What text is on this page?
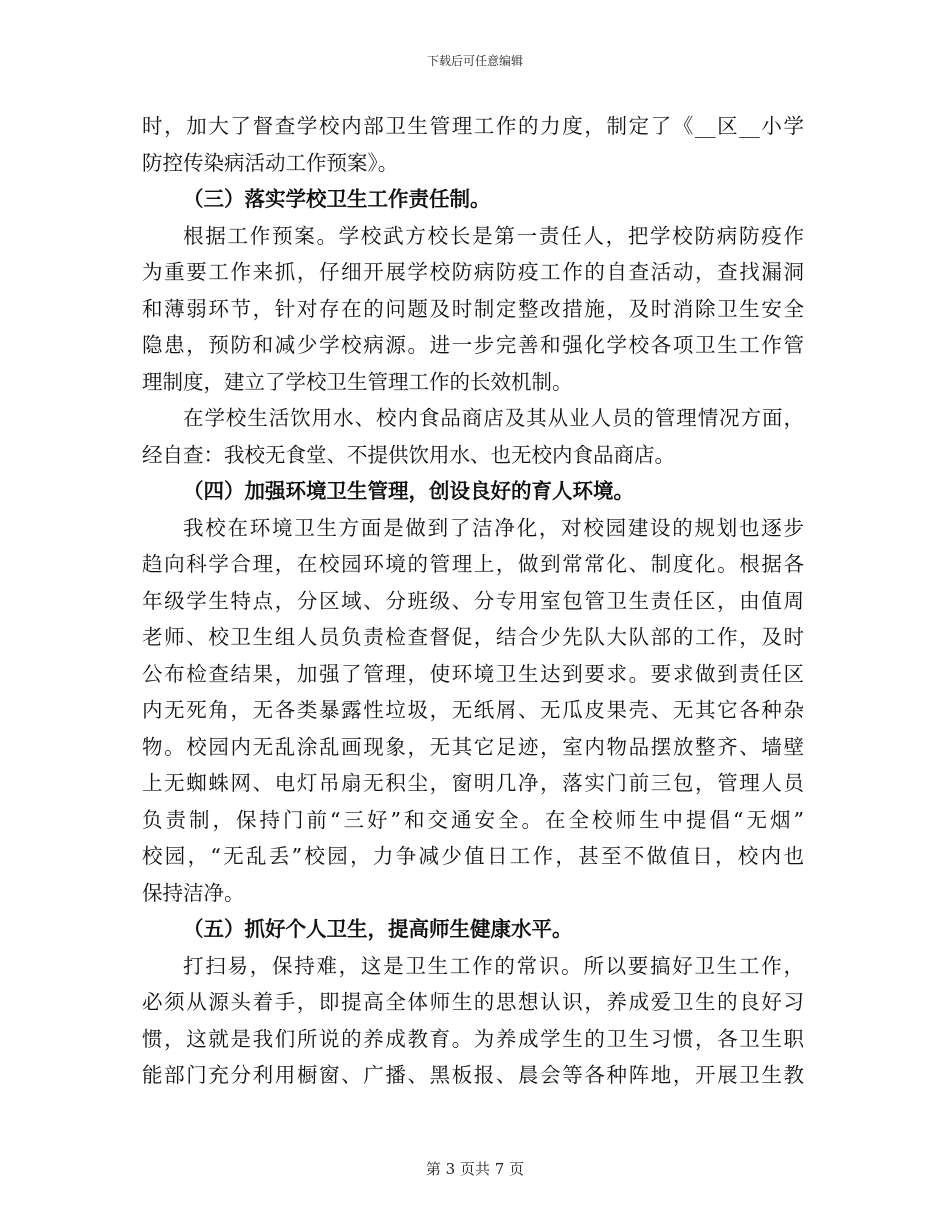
下载后可任意编辑
时，加大了督查学校内部卫生管理工作的力度，制定了《__区__小学
防控传染病活动工作预案》。
（三）落实学校卫生工作责任制。
根据工作预案。学校武方校长是第一责任人，把学校防病防疫作
为重要工作来抓，仔细开展学校防病防疫工作的自查活动，查找漏洞
和薄弱环节，针对存在的问题及时制定整改措施，及时消除卫生安全
隐患，预防和减少学校病源。进一步完善和强化学校各项卫生工作管
理制度，建立了学校卫生管理工作的长效机制。
在学校生活饮用水、校内食品商店及其从业人员的管理情况方面，
经自查：我校无食堂、不提供饮用水、也无校内食品商店。
（四）加强环境卫生管理，创设良好的育人环境。
我校在环境卫生方面是做到了洁净化，对校园建设的规划也逐步
趋向科学合理，在校园环境的管理上，做到常常化、制度化。根据各
年级学生特点，分区域、分班级、分专用室包管卫生责任区，由值周
老师、校卫生组人员负责检查督促，结合少先队大队部的工作，及时
公布检查结果，加强了管理，使环境卫生达到要求。要求做到责任区
内无死角，无各类暴露性垃圾，无纸屑、无瓜皮果壳、无其它各种杂
物。校园内无乱涂乱画现象，无其它足迹，室内物品摆放整齐、墙壁
上无蜘蛛网、电灯吊扇无积尘，窗明几净，落实门前三包，管理人员
负责制，保持门前“三好”和交通安全。在全校师生中提倡“无烟”
校园，“无乱丢”校园，力争减少值日工作，甚至不做值日，校内也
保持洁净。
（五）抓好个人卫生，提高师生健康水平。
打扫易，保持难，这是卫生工作的常识。所以要搞好卫生工作，
必须从源头着手，即提高全体师生的思想认识，养成爱卫生的良好习
惯，这就是我们所说的养成教育。为养成学生的卫生习惯，各卫生职
能部门充分利用橱窗、广播、黑板报、晨会等各种阵地，开展卫生教
第 3 页共 7 页
